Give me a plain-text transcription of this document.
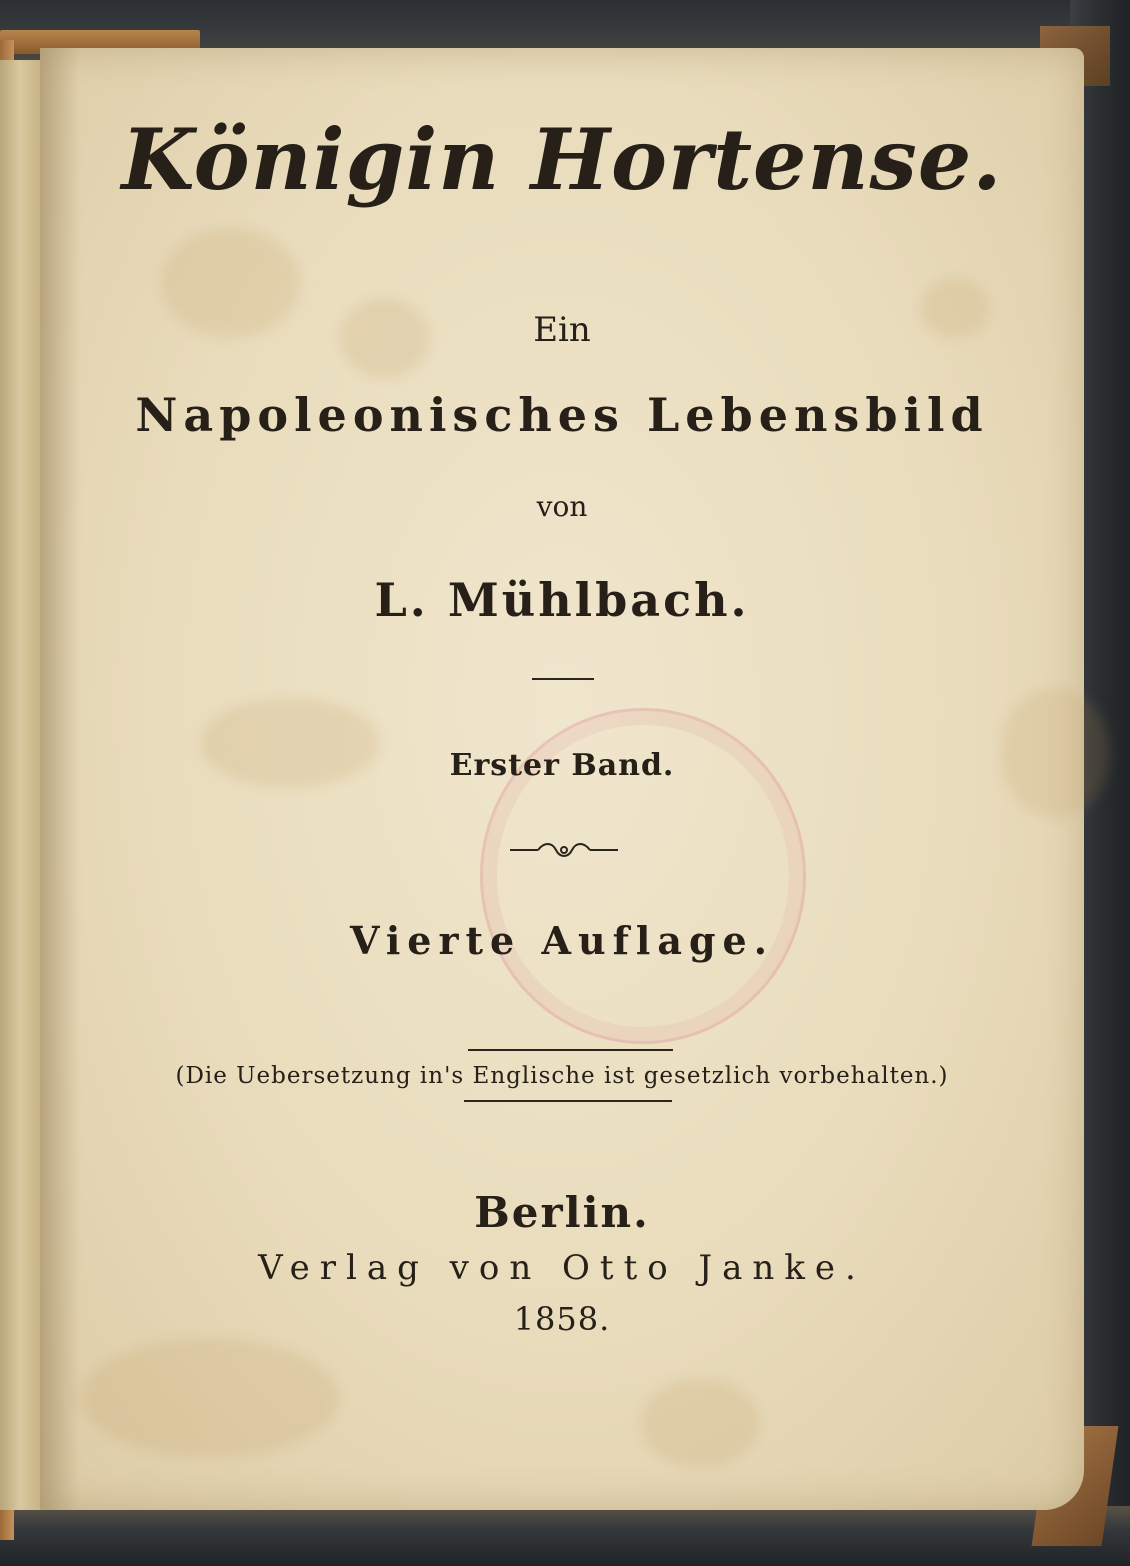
Königin Hortense.
Ein
Napoleonisches Lebensbild
von
L. Mühlbach.
Erster Band.
Vierte Auflage.
(Die Uebersetzung in's Englische ist gesetzlich vorbehalten.)
Berlin.
Verlag von Otto Janke.
1858.
